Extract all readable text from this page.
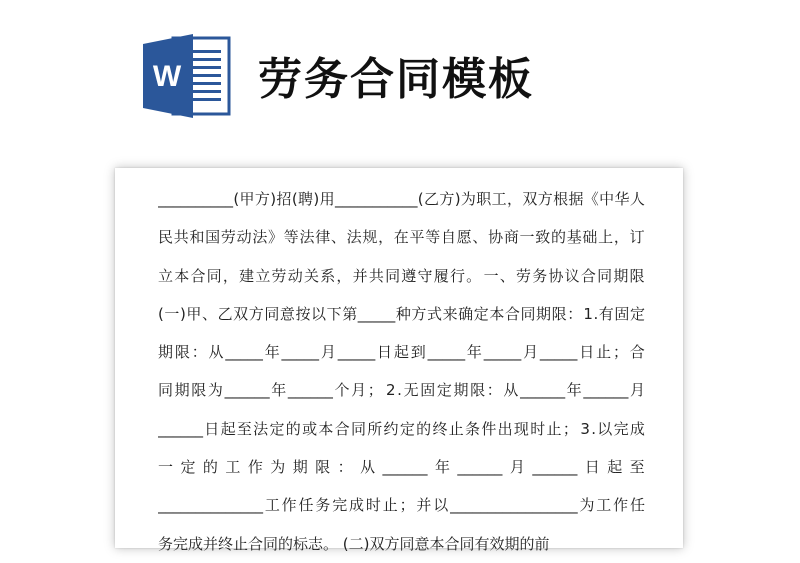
W 劳务合同模板
__________ ( 甲 方 ) 招 ( 聘 ) 用 ___________ ( 乙 方 ) 为 职 工 ， 双 方 根 据 《 中 华 人
民 共 和 国 劳 动 法 》 等 法 律 、 法 规 ， 在 平 等 自 愿 、 协 商 一 致 的 基 础 上 ， 订
立 本 合 同 ， 建 立 劳 动 关 系 ， 并 共 同 遵 守 履 行 。 一 、 劳 务 协 议 合 同 期 限
( 一 ) 甲 、 乙 双 方 同 意 按 以 下 第 _____ 种 方 式 来 确 定 本 合 同 期 限 ： 1 . 有 固 定
期 限 ： 从 _____ 年 _____ 月 _____ 日 起 到 _____ 年 _____ 月 _____ 日 止 ； 合
同 期 限 为 ______ 年 ______ 个 月 ； 2 . 无 固 定 期 限 ： 从 ______ 年 ______ 月
______ 日 起 至 法 定 的 或 本 合 同 所 约 定 的 终 止 条 件 出 现 时 止 ； 3 . 以 完 成
一 定 的 工 作 为 期 限 ： 从 ______ 年 ______ 月 ______ 日 起 至
______________ 工 作 任 务 完 成 时 止 ； 并 以 _________________ 为 工 作 任
务完成并终止合同的标志。 (二)双方同意本合同有效期的前
